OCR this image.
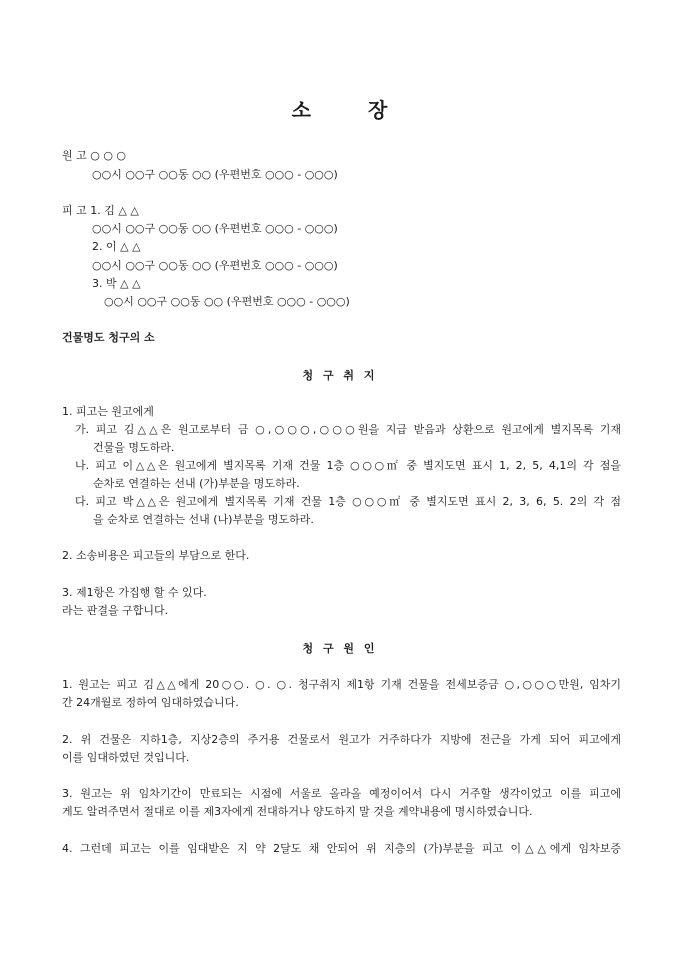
소	장
원 고 ○ ○ ○
○○시 ○○구 ○○동 ○○ (우편번호 ○○○ - ○○○)
피 고 1. 김 △ △
○○시 ○○구 ○○동 ○○ (우편번호 ○○○ - ○○○)
2. 이 △ △
○○시 ○○구 ○○동 ○○ (우편번호 ○○○ - ○○○)
3. 박 △ △
○○시 ○○구 ○○동 ○○ (우편번호 ○○○ - ○○○)
건물명도 청구의 소
청 구 취 지
1. 피고는 원고에게
가. 피고 김△△은 원고로부터 금 ○,○○○,○○○원을 지급 받음과 상환으로 원고에게 별지목록 기재
건물을 명도하라.
나. 피고 이△△은 원고에게 별지목록 기재 건물 1층 ○○○㎡ 중 별지도면 표시 1, 2, 5, 4,1의 각 점을
순차로 연결하는 선내 (가)부분을 명도하라.
다. 피고 박△△은 원고에게 별지목록 기재 건물 1층 ○○○㎡ 중 별지도면 표시 2, 3, 6, 5. 2의 각 점
을 순차로 연결하는 선내 (나)부분을 명도하라.
2. 소송비용은 피고들의 부담으로 한다.
3. 제1항은 가집행 할 수 있다.
라는 판결을 구합니다.
청 구 원 인
1. 원고는 피고 김△△에게 20○○. ○. ○. 청구취지 제1항 기재 건물을 전세보증금 ○,○○○만원, 임차기
간 24개월로 정하여 임대하였습니다.
2. 위 건물은 지하1층, 지상2층의 주거용 건물로서 원고가 거주하다가 지방에 전근을 가게 되어 피고에게
이를 임대하였던 것입니다.
3. 원고는 위 임차기간이 만료되는 시점에 서울로 올라올 예정이어서 다시 거주할 생각이었고 이를 피고에
게도 알려주면서 절대로 이를 제3자에게 전대하거나 양도하지 말 것을 계약내용에 명시하였습니다.
4. 그런데 피고는 이를 임대받은 지 약 2달도 채 안되어 위 지층의 (가)부분을 피고 이△△에게 임차보증
